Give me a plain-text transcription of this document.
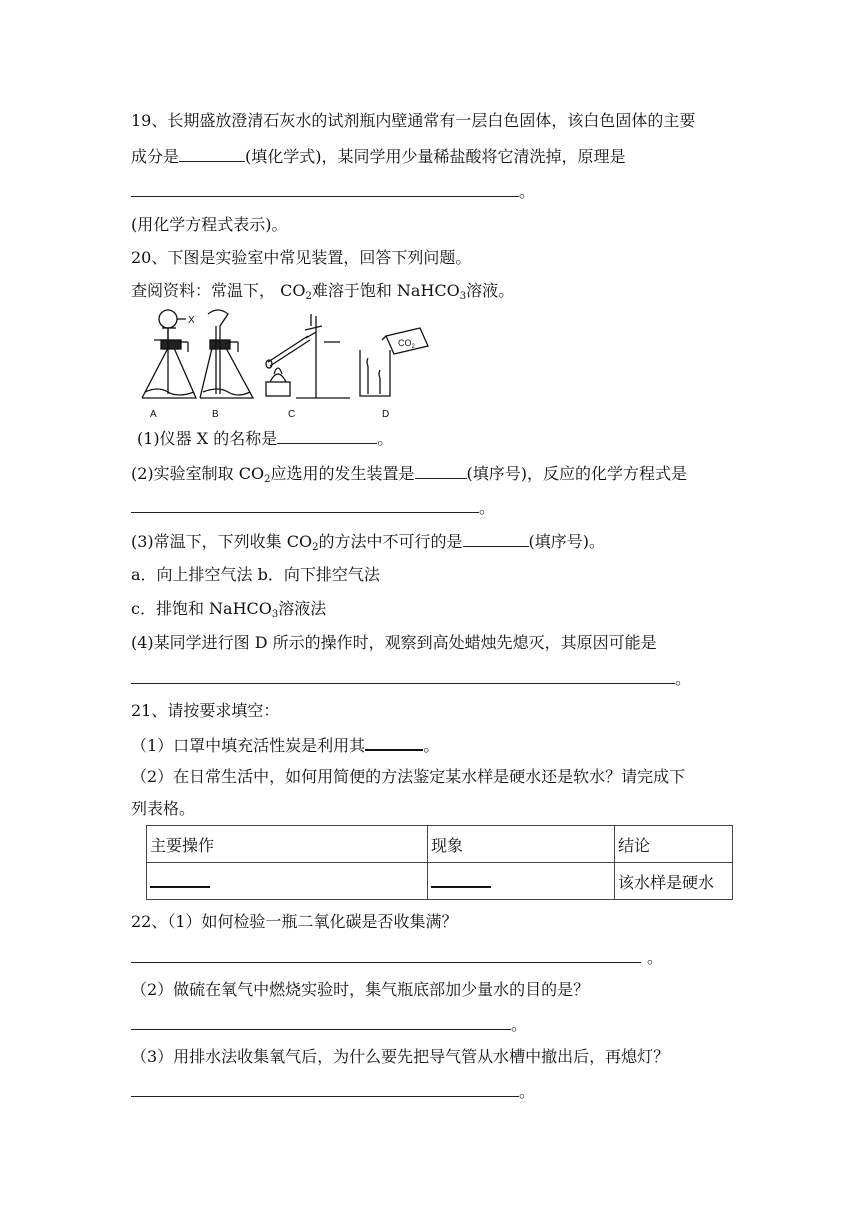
19、长期盛放澄清石灰水的试剂瓶内壁通常有一层白色固体，该白色固体的主要
成分是	(填化学式)，某同学用少量稀盐酸将它清洗掉，原理是
。
(用化学方程式表示)。
20、下图是实验室中常见装置，回答下列问题。
查阅资料：常温下， $CO_2$难溶于饱和 NaHCO$_3$溶液。
X
$CO_2$
A	B	C	D
(1)仪器 X 的名称是	。
(2)实验室制取 $CO_2$应选用的发生装置是	(填序号)，反应的化学方程式是
。
(3)常温下，下列收集 $CO_2$的方法中不可行的是	(填序号)。
a．向上排空气法 b．向下排空气法
c．排饱和 NaHCO$_3$溶液法
(4)某同学进行图 D 所示的操作时，观察到高处蜡烛先熄灭，其原因可能是
。
21、请按要求填空：
（1）口罩中填充活性炭是利用其	。
（2）在日常生活中，如何用简便的方法鉴定某水样是硬水还是软水？请完成下
列表格。
主要操作	现象	结论
		该水样是硬水
22、（1）如何检验一瓶二氧化碳是否收集满？
。
（2）做硫在氧气中燃烧实验时，集气瓶底部加少量水的目的是？
。
（3）用排水法收集氧气后，为什么要先把导气管从水槽中撤出后，再熄灯？
。
